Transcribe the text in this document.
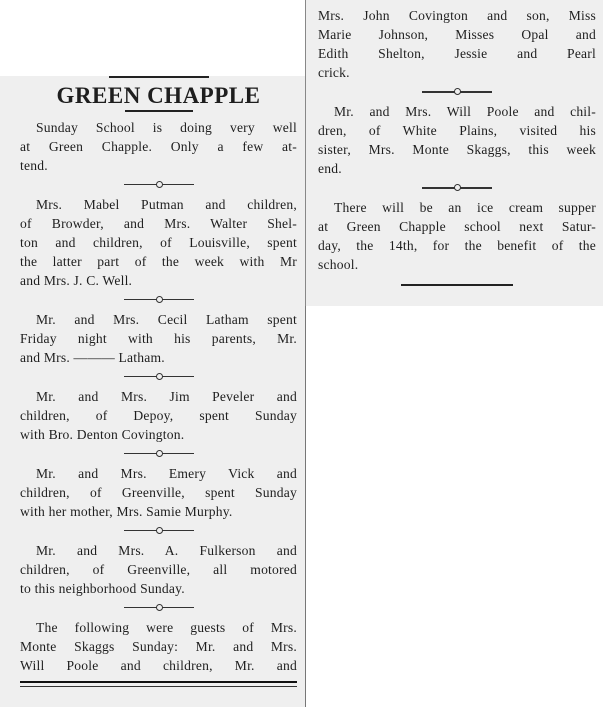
GREEN CHAPPLE
Sunday School is doing very well
at Green Chapple. Only a few at-
tend.
Mrs. Mabel Putman and children,
of Browder, and Mrs. Walter Shel-
ton and children, of Louisville, spent
the latter part of the week with Mr
and Mrs. J. C. Well.
Mr. and Mrs. Cecil Latham spent
Friday night with his parents, Mr.
and Mrs. ——— Latham.
Mr. and Mrs. Jim Peveler and
children, of Depoy, spent Sunday
with Bro. Denton Covington.
Mr. and Mrs. Emery Vick and
children, of Greenville, spent Sunday
with her mother, Mrs. Samie Murphy.
Mr. and Mrs. A. Fulkerson and
children, of Greenville, all motored
to this neighborhood Sunday.
The following were guests of Mrs.
Monte Skaggs Sunday: Mr. and Mrs.
Will Poole and children, Mr. and
Mrs. John Covington and son, Miss
Marie Johnson, Misses Opal and
Edith Shelton, Jessie and Pearl
crick.
Mr. and Mrs. Will Poole and chil-
dren, of White Plains, visited his
sister, Mrs. Monte Skaggs, this week
end.
There will be an ice cream supper
at Green Chapple school next Satur-
day, the 14th, for the benefit of the
school.
